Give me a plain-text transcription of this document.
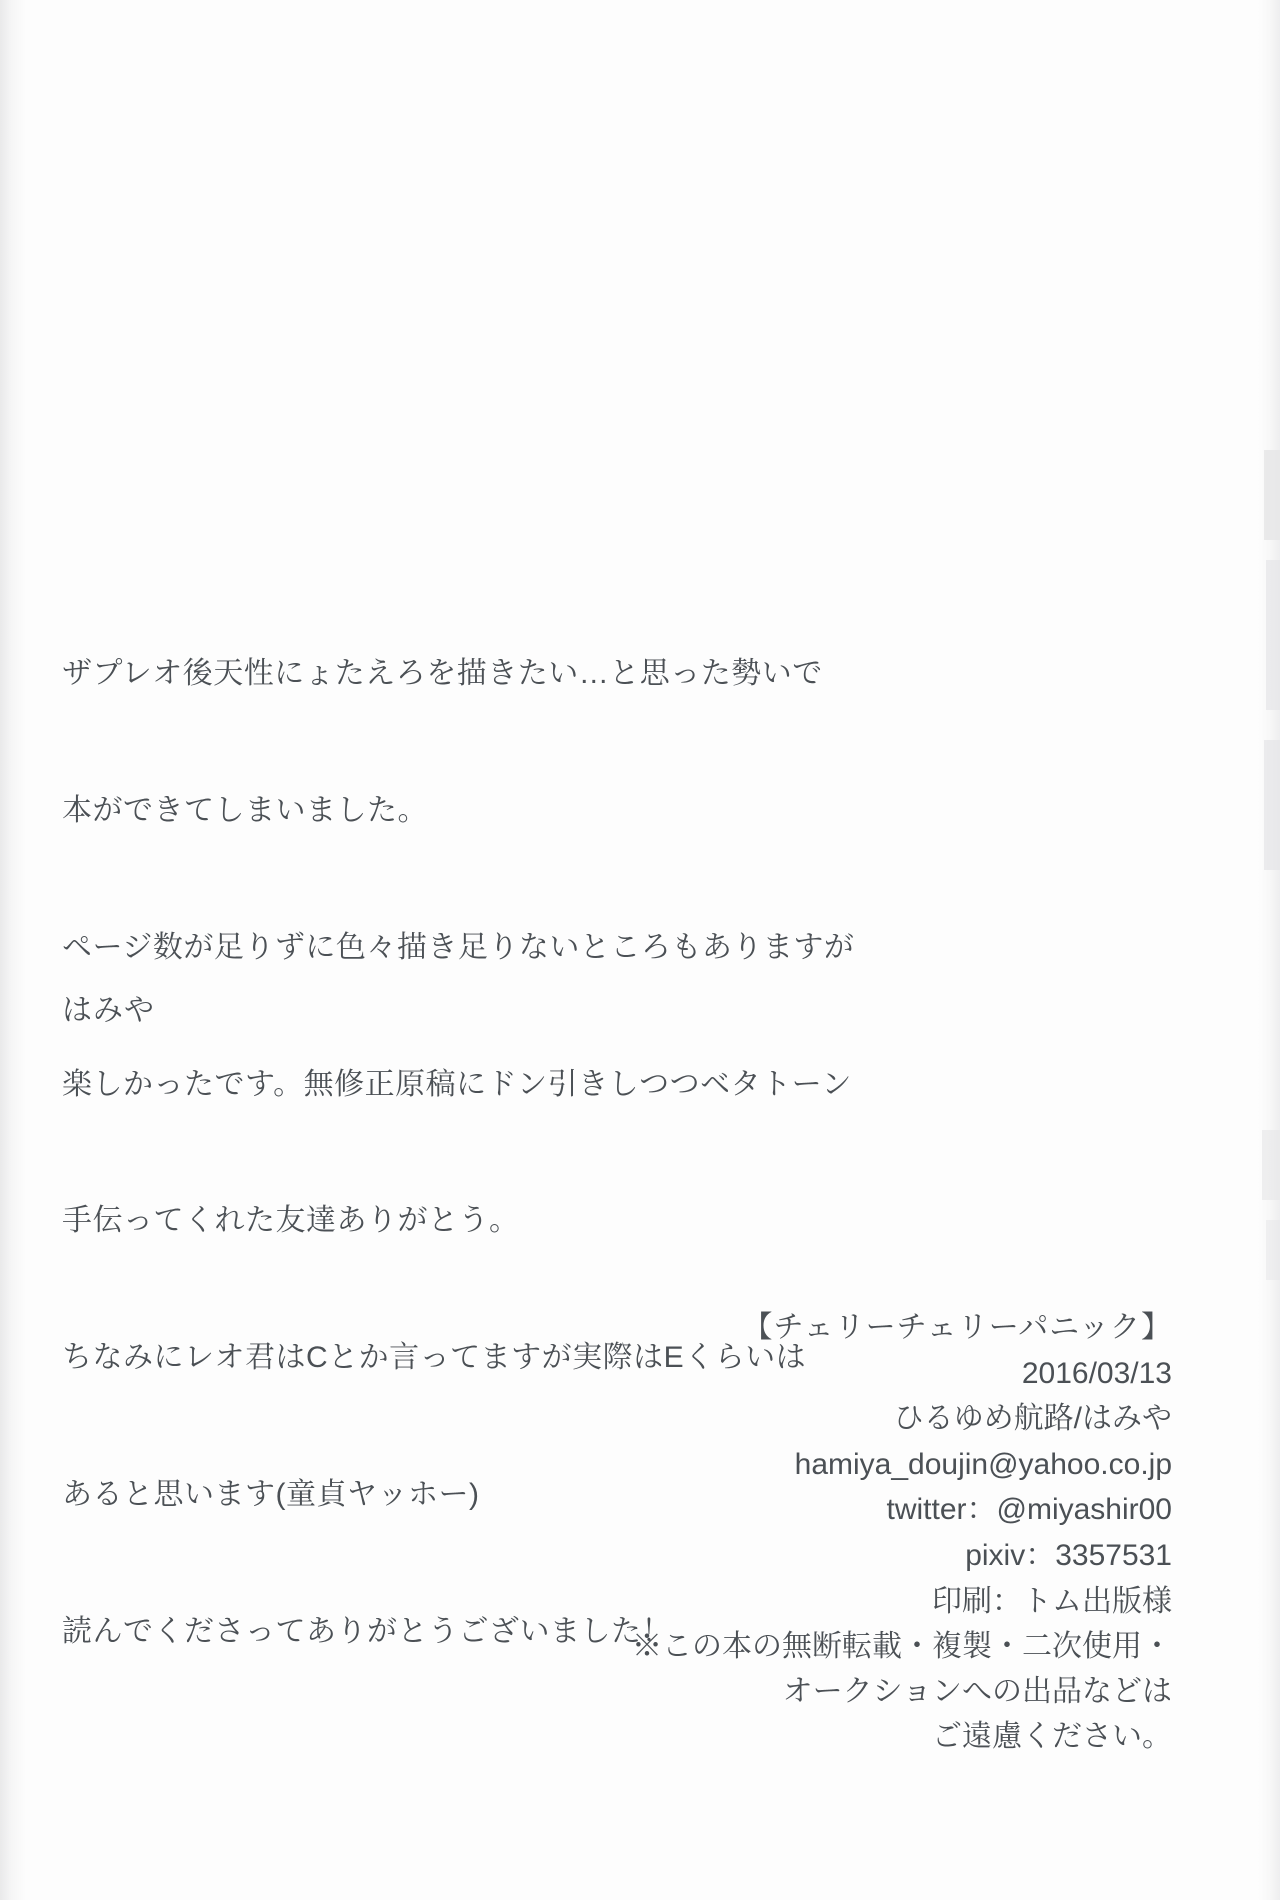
ザプレオ後天性にょたえろを描きたい…と思った勢いで

本ができてしまいました。

ページ数が足りずに色々描き足りないところもありますが

楽しかったです。無修正原稿にドン引きしつつベタトーン

手伝ってくれた友達ありがとう。

ちなみにレオ君はCとか言ってますが実際はEくらいは

あると思います(童貞ヤッホー)

読んでくださってありがとうございました！

はみや
【チェリーチェリーパニック】
2016/03/13
ひるゆめ航路/はみや
hamiya_doujin@yahoo.co.jp
twitter：@miyashir00
pixiv：3357531
印刷：トム出版様
※この本の無断転載・複製・二次使用・
オークションへの出品などは
ご遠慮ください。
